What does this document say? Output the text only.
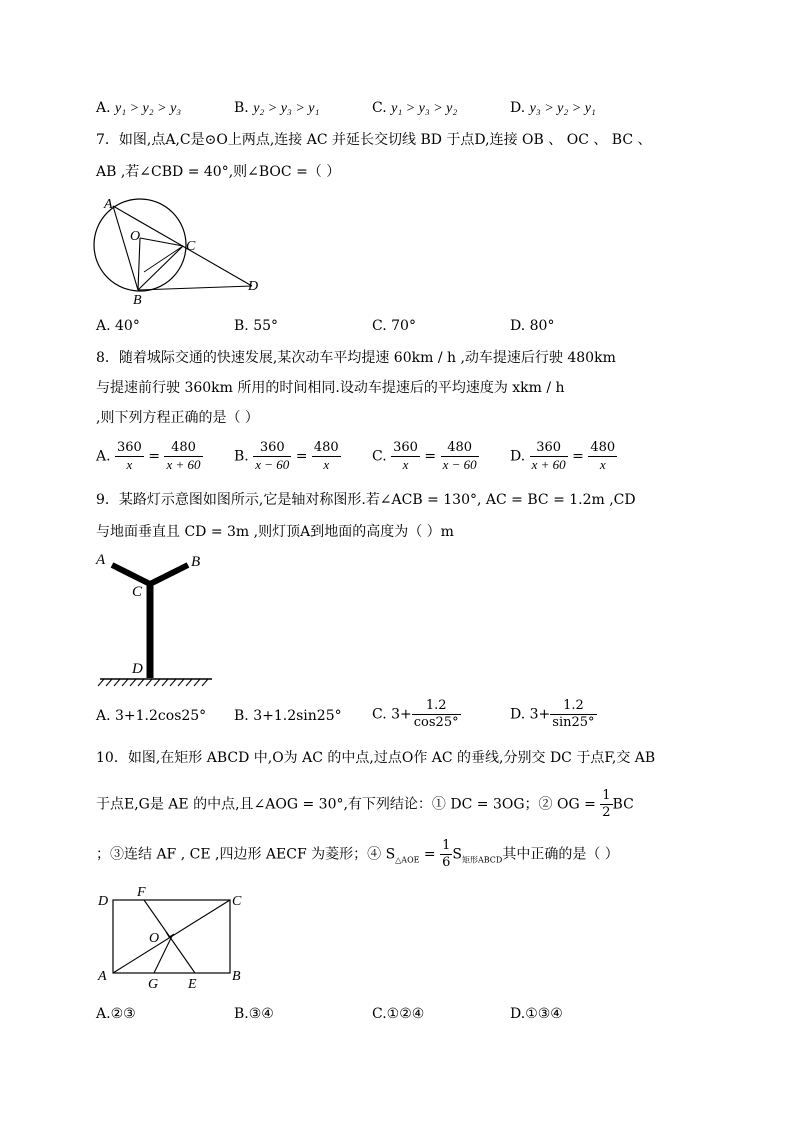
A. y₁ > y₂ > y₃	B. y₂ > y₃ > y₁	C. y₁ > y₃ > y₂	D. y₃ > y₂ > y₁
7．如图,点A,C是⊙O上两点,连接 AC 并延长交切线 BD 于点D,连接 OB 、 OC 、 BC 、
AB ,若∠CBD = 40°,则∠BOC =（ ）
A
O
C
B
D
A. 40°	B. 55°	C. 70°	D. 80°
8．随着城际交通的快速发展,某次动车平均提速 60km / h ,动车提速后行驶 480km
与提速前行驶 360km 所用的时间相同.设动车提速后的平均速度为 xkm / h
,则下列方程正确的是（ ）
A. $\frac{360}{x} = \frac{480}{x + 60} B$. $\frac{360}{x - 60} = \frac{480}{x} C$. $\frac{360}{x} = \frac{480}{x - 60} D$. $\frac{360}{x + 60} = \frac{480}{x}$
9．某路灯示意图如图所示,它是轴对称图形.若∠ACB = 130°, AC = BC = 1.2m ,CD
与地面垂直且 CD = 3m ,则灯顶A到地面的高度为（ ）m
A	B
C
D
A. 3+1.2cos25° B. 3+1.2sin25° C. $3+ \frac{1.2}{\cos 25^\circ}$	D. $3+ \frac{1.2}{\sin 25^\circ}$
10．如图,在矩形 ABCD 中,O为 AC 的中点,过点O作 AC 的垂线,分别交 DC 于点F,交 AB
于点E,G是 AE 的中点,且∠AOG = 30°,有下列结论：① DC = 3OG；② OG = $\frac{1}{2}$ BC
；③连结 AF , CE ,四边形 AECF 为菱形；④ $S_{\triangle AOE} = \frac{1}{6} S_{矩形ABCD}$其中正确的是（ ）
D
F
C
O
A
G E
B
A.②③	B.③④	C.①②④	D.①③④
